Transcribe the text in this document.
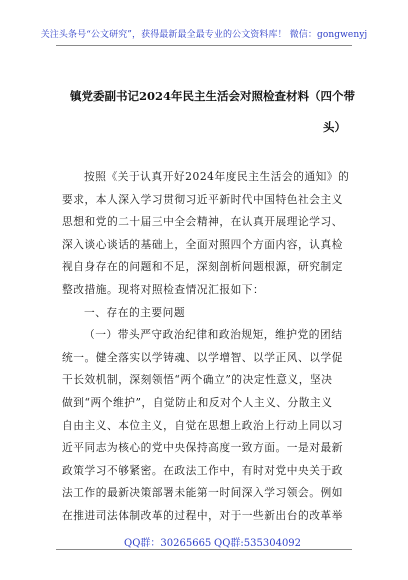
关注头条号“公文研究”，获得最新最全最专业的公文资料库！ 微信：gongwenyj
镇党委副书记2024年民主生活会对照检查材料（四个带
头）
按照《关于认真开好2024年度民主生活会的通知》的
要求，本人深入学习贯彻习近平新时代中国特色社会主义
思想和党的二十届三中全会精神，在认真开展理论学习、
深入谈心谈话的基础上，全面对照四个方面内容，认真检
视自身存在的问题和不足，深刻剖析问题根源，研究制定
整改措施。现将对照检查情况汇报如下：
一、存在的主要问题
（一）带头严守政治纪律和政治规矩，维护党的团结
统一。健全落实以学铸魂、以学增智、以学正风、以学促
干长效机制，深刻领悟“两个确立”的决定性意义，坚决
做到“两个维护”，自觉防止和反对个人主义、分散主义
自由主义、本位主义，自觉在思想上政治上行动上同以习
近平同志为核心的党中央保持高度一致方面。一是对最新
政策学习不够紧密。在政法工作中，有时对党中央关于政
法工作的最新决策部署未能第一时间深入学习领会。例如
在推进司法体制改革的过程中，对于一些新出台的改革举
QQ群：30265665 QQ群:535304092
